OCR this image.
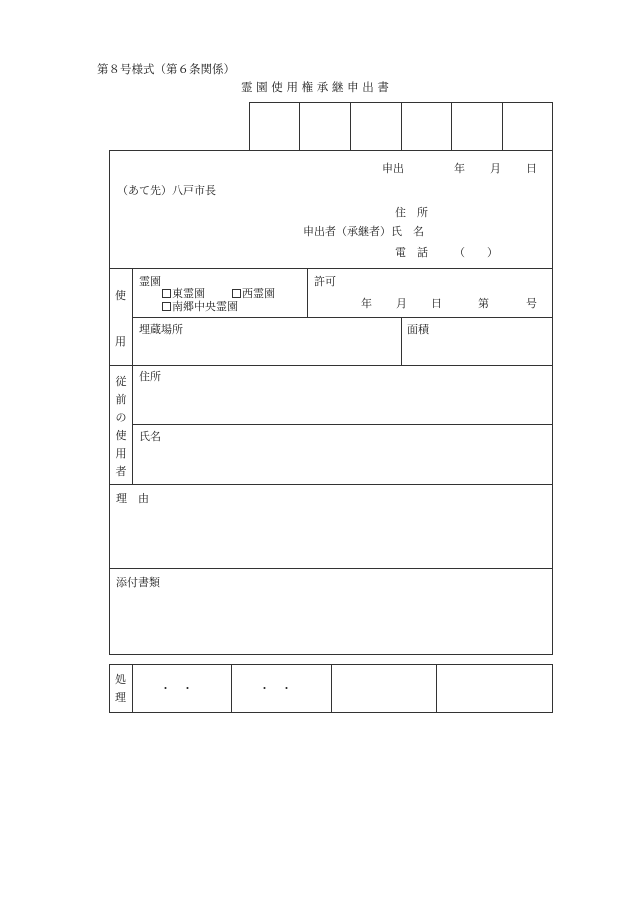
第８号様式（第６条関係）
霊 園 使 用 権 承 継 申 出 書
申出	年 月 日
（あて先）八戸市長
住　所
申出者（承継者）氏　名
電　話 （　　）
使
用
霊園
東霊園	西霊園
南郷中央霊園
許可
年 月 日	第	号
埋蔵場所	面積
従
前
の
使
用
者
住所
氏名
理　由
添付書類
処
理
・　・	・　・
